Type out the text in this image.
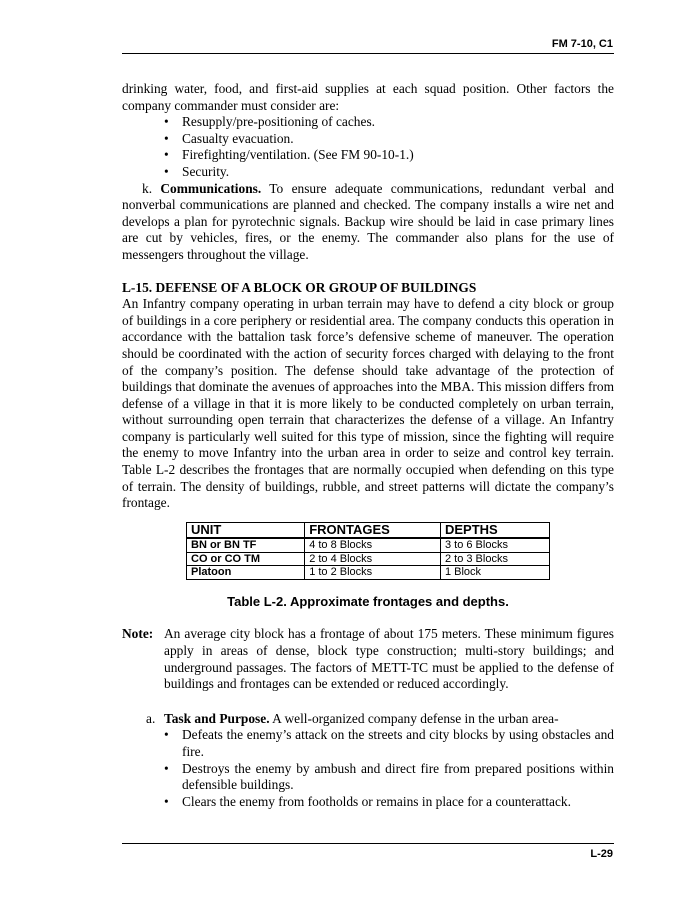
FM 7-10, C1

drinking water, food, and first-aid supplies at each squad position. Other factors the company commander must consider are:

• Resupply/pre-positioning of caches.
• Casualty evacuation.
• Firefighting/ventilation. (See FM 90-10-1.)
• Security.

k. Communications. To ensure adequate communications, redundant verbal and nonverbal communications are planned and checked. The company installs a wire net and develops a plan for pyrotechnic signals. Backup wire should be laid in case primary lines are cut by vehicles, fires, or the enemy. The commander also plans for the use of messengers throughout the village.

L-15. DEFENSE OF A BLOCK OR GROUP OF BUILDINGS

An Infantry company operating in urban terrain may have to defend a city block or group of buildings in a core periphery or residential area. The company conducts this operation in accordance with the battalion task force’s defensive scheme of maneuver. The operation should be coordinated with the action of security forces charged with delaying to the front of the company’s position. The defense should take advantage of the protection of buildings that dominate the avenues of approaches into the MBA. This mission differs from defense of a village in that it is more likely to be conducted completely on urban terrain, without surrounding open terrain that characterizes the defense of a village. An Infantry company is particularly well suited for this type of mission, since the fighting will require the enemy to move Infantry into the urban area in order to seize and control key terrain. Table L-2 describes the frontages that are normally occupied when defending on this type of terrain. The density of buildings, rubble, and street patterns will dictate the company’s frontage.

UNIT	FRONTAGES	DEPTHS
BN or BN TF	4 to 8 Blocks	3 to 6 Blocks
CO or CO TM	2 to 4 Blocks	2 to 3 Blocks
Platoon	1 to 2 Blocks	1 Block
Table L-2. Approximate frontages and depths.
Note: An average city block has a frontage of about 175 meters. These minimum figures apply in areas of dense, block type construction; multi-story buildings; and underground passages. The factors of METT-TC must be applied to the defense of buildings and frontages can be extended or reduced accordingly.
a. Task and Purpose. A well-organized company defense in the urban area-
• Defeats the enemy’s attack on the streets and city blocks by using obstacles and fire.
• Destroys the enemy by ambush and direct fire from prepared positions within defensible buildings.
• Clears the enemy from footholds or remains in place for a counterattack.
L-29
